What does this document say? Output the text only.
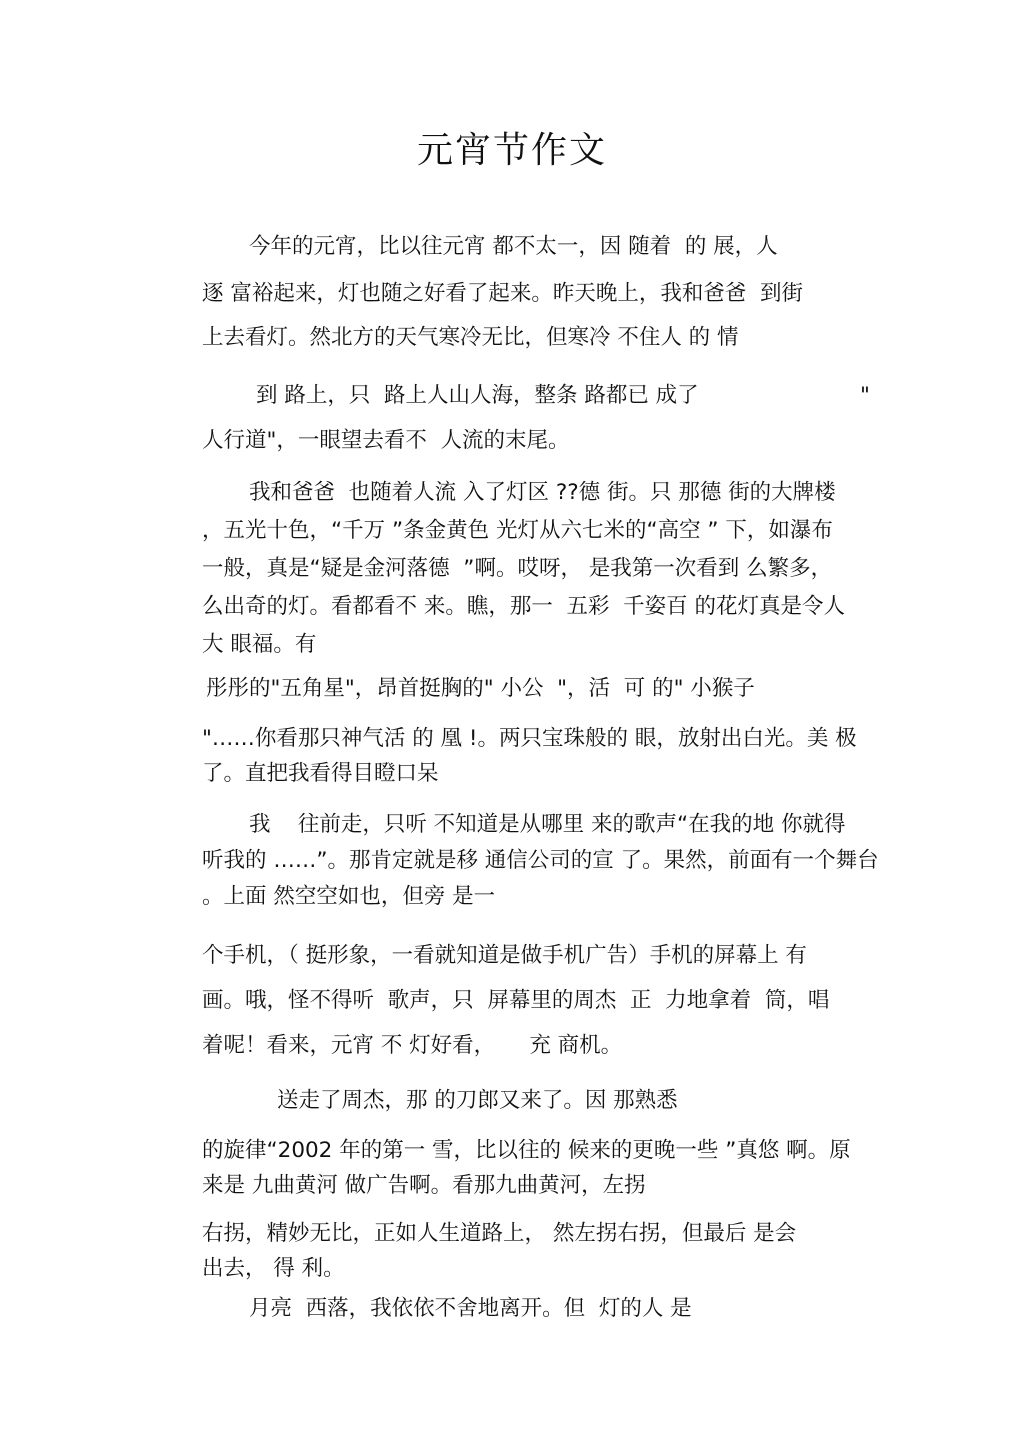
元宵节作文
今年的元宵，比以往元宵 都不太一，因 随着  的 展，人
逐 富裕起来，灯也随之好看了起来。昨天晚上，我和爸爸  到街
上去看灯。然北方的天气寒冷无比，但寒冷 不住人 的 情
到 路上，只  路上人山人海，整条 路都已 成了	"
人行道"，一眼望去看不  人流的末尾。
我和爸爸  也随着人流 入了灯区 ??德 街。只 那德 街的大牌楼
，五光十色，“千万 ”条金黄色 光灯从六七米的“高空 ” 下，如瀑布
一般，真是“疑是金河落德  ”啊。哎呀， 是我第一次看到 么繁多，
么出奇的灯。看都看不 来。瞧，那一  五彩  千姿百 的花灯真是令人
大 眼福。有
彤彤的"五角星"，昂首挺胸的" 小公  "，活  可 的" 小猴子
"……你看那只神气活 的 凰 !。两只宝珠般的 眼，放射出白光。美 极
了。直把我看得目瞪口呆
我    往前走，只听 不知道是从哪里 来的歌声“在我的地 你就得
听我的 ……”。那肯定就是移 通信公司的宣 了。果然，前面有一个舞台
。上面 然空空如也，但旁 是一
个手机，（ 挺形象，一看就知道是做手机广告）手机的屏幕上 有
画。哦，怪不得听  歌声，只  屏幕里的周杰  正  力地拿着  筒，唱
着呢！看来，元宵 不 灯好看，     充 商机。
送走了周杰，那 的刀郎又来了。因 那熟悉
的旋律“2002 年的第一 雪，比以往的 候来的更晚一些 ”真悠 啊。原
来是 九曲黄河 做广告啊。看那九曲黄河，左拐
右拐，精妙无比，正如人生道路上， 然左拐右拐，但最后 是会
出去， 得 利。
月亮  西落，我依依不舍地离开。但  灯的人 是
